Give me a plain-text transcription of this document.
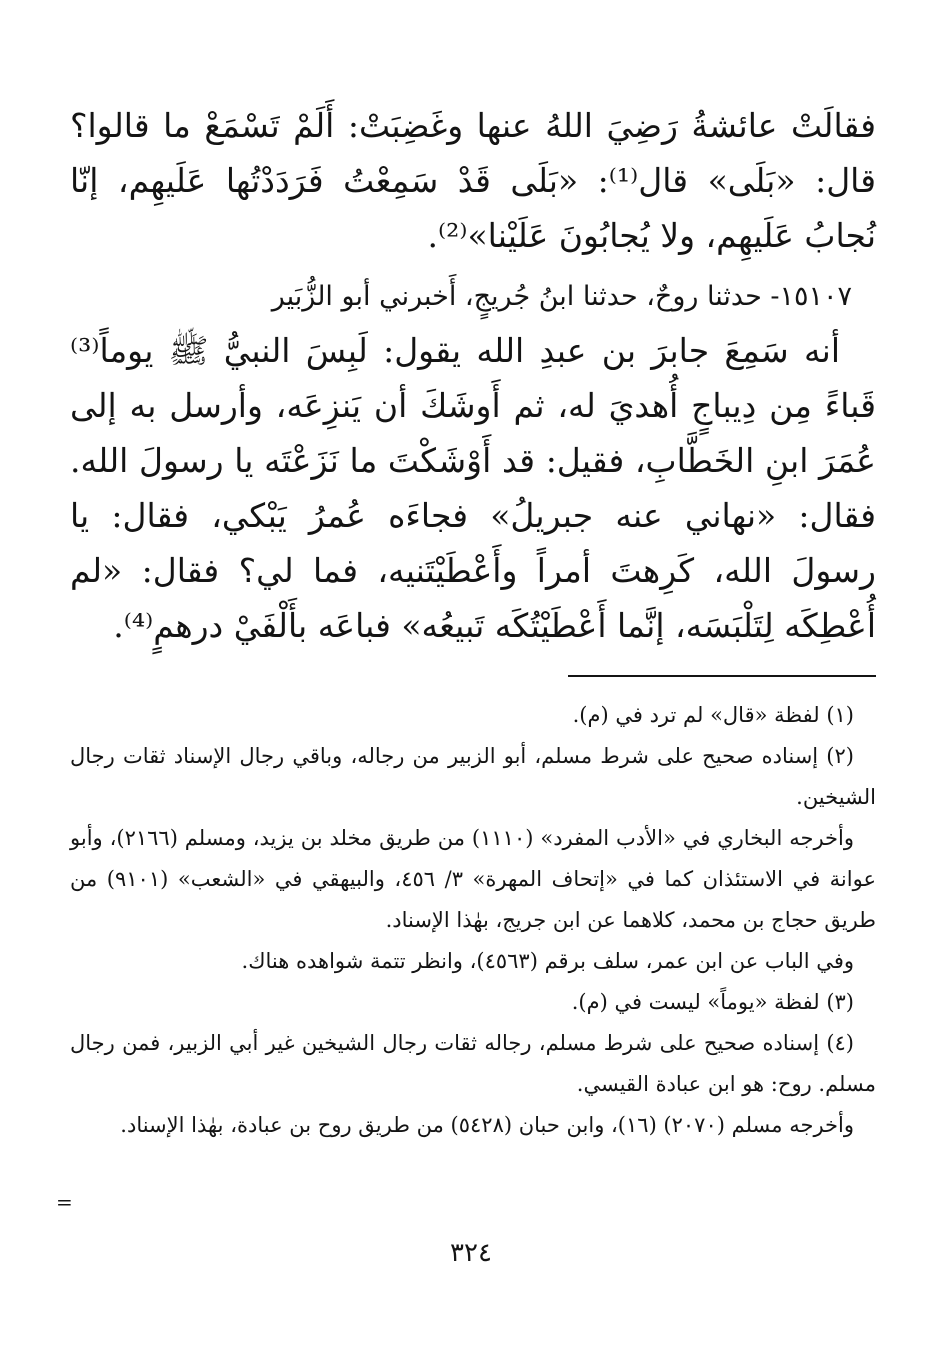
فقالَتْ عائشةُ رَضِيَ اللهُ عنها وغَضِبَتْ: أَلَمْ تَسْمَعْ ما قالوا؟ قال: «بَلَى» قال⁽¹⁾: «بَلَى قَدْ سَمِعْتُ فَرَدَدْتُها عَلَيهِم، إنّا نُجابُ عَلَيهِم، ولا يُجابُونَ عَلَيْنا»⁽²⁾.

١٥١٠٧- حدثنا روحٌ، حدثنا ابنُ جُريجٍ، أَخبرني أبو الزُّبَير

أنه سَمِعَ جابرَ بن عبدِ الله يقول: لَبِسَ النبيُّ ﷺ يوماً⁽³⁾ قَباءً مِن دِيباجٍ أُهديَ له، ثم أَوشَكَ أن يَنزِعَه، وأرسل به إلى عُمَرَ ابنِ الخَطَّابِ، فقيل: قد أَوْشَكْتَ ما نَزَعْتَه يا رسولَ الله. فقال: «نهاني عنه جبريلُ» فجاءَه عُمرُ يَبْكي، فقال: يا رسولَ الله، كَرِهتَ أمراً وأَعْطَيْتَنيه، فما لي؟ فقال: «لم أُعْطِكَه لِتَلْبَسَه، إنَّما أَعْطَيْتُكَه تَبيعُه» فباعَه بأَلْفَيْ درهمٍ⁽⁴⁾.

(١) لفظة «قال» لم ترد في (م).

(٢) إسناده صحيح على شرط مسلم، أبو الزبير من رجاله، وباقي رجال الإسناد ثقات رجال الشيخين.

وأخرجه البخاري في «الأدب المفرد» (١١١٠) من طريق مخلد بن يزيد، ومسلم (٢١٦٦)، وأبو عوانة في الاستئذان كما في «إتحاف المهرة» ٣/ ٤٥٦، والبيهقي في «الشعب» (٩١٠١) من طريق حجاج بن محمد، كلاهما عن ابن جريج، بهٰذا الإسناد.

وفي الباب عن ابن عمر، سلف برقم (٤٥٦٣)، وانظر تتمة شواهده هناك.

(٣) لفظة «يوماً» ليست في (م).

(٤) إسناده صحيح على شرط مسلم، رجاله ثقات رجال الشيخين غير أبي الزبير، فمن رجال مسلم. روح: هو ابن عبادة القيسي.

وأخرجه مسلم (٢٠٧٠) (١٦)، وابن حبان (٥٤٢٨) من طريق روح بن عبادة، بهٰذا الإسناد.

=
٣٢٤
